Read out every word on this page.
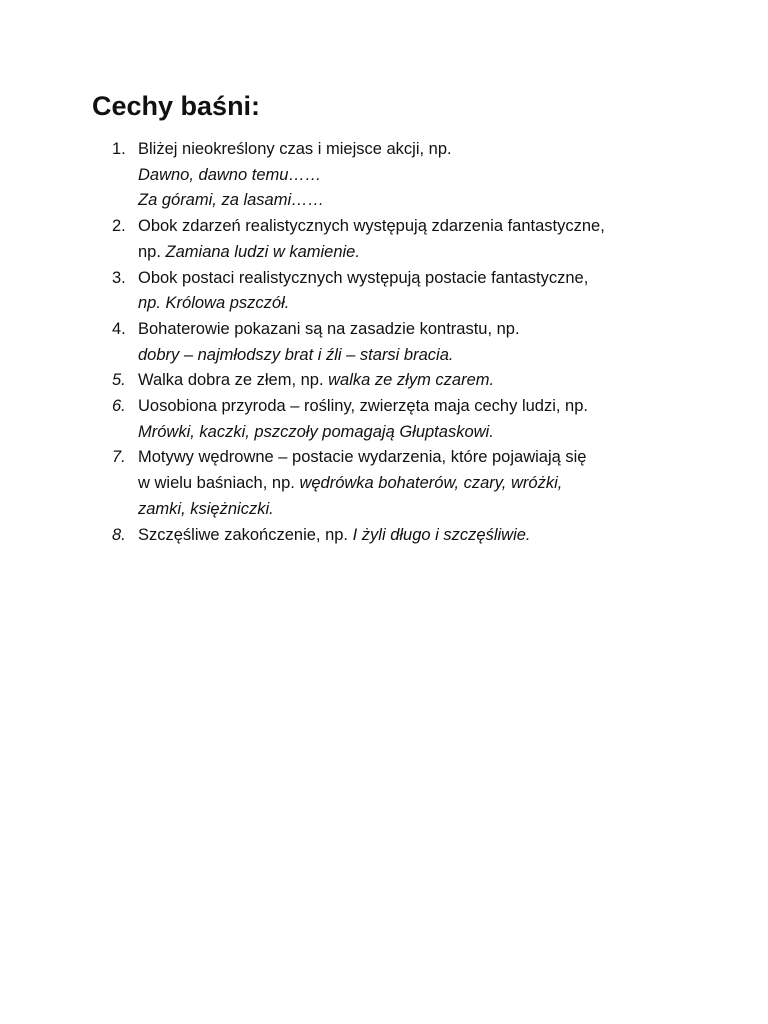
Cechy baśni:
1. Bliżej nieokreślony czas i miejsce akcji, np.
Dawno, dawno temu……
Za górami, za lasami……
2. Obok zdarzeń realistycznych występują zdarzenia fantastyczne,
np. Zamiana ludzi w kamienie.
3. Obok postaci realistycznych występują postacie fantastyczne,
np. Królowa pszczół.
4. Bohaterowie pokazani są na zasadzie kontrastu, np.
dobry – najmłodszy brat i źli – starsi bracia.
5. Walka dobra ze złem, np. walka ze złym czarem.
6. Uosobiona przyroda – rośliny, zwierzęta maja cechy ludzi, np.
Mrówki, kaczki, pszczoły pomagają Głuptaskowi.
7. Motywy wędrowne – postacie wydarzenia, które pojawiają się
w wielu baśniach, np. wędrówka bohaterów, czary, wróżki,
zamki, księżniczki.
8. Szczęśliwe zakończenie, np. I żyli długo i szczęśliwie.
